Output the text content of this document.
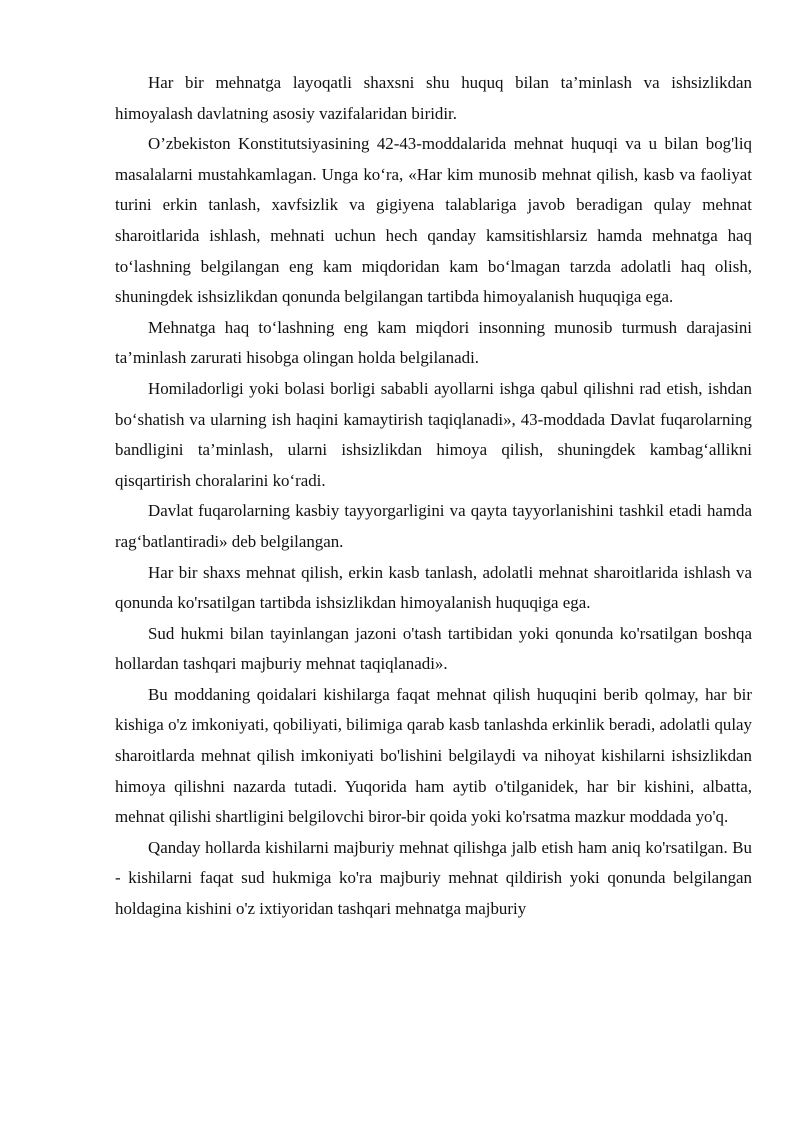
Har bir mehnatga layoqatli shaxsni shu huquq bilan ta’minlash va ishsizlikdan himoyalash davlatning asosiy vazifalaridan biridir.

O’zbekiston Konstitutsiyasining 42-43-moddalarida mehnat huquqi va u bilan bog'liq masalalarni mustahkamlagan. Unga ko‘ra, «Har kim munosib mehnat qilish, kasb va faoliyat turini erkin tanlash, xavfsizlik va gigiyena talablariga javob beradigan qulay mehnat sharoitlarida ishlash, mehnati uchun hech qanday kamsitishlarsiz hamda mehnatga haq to‘lashning belgilangan eng kam miqdoridan kam bo‘lmagan tarzda adolatli haq olish, shuningdek ishsizlikdan qonunda belgilangan tartibda himoyalanish huquqiga ega.

Mehnatga haq to‘lashning eng kam miqdori insonning munosib turmush darajasini ta’minlash zarurati hisobga olingan holda belgilanadi.

Homiladorligi yoki bolasi borligi sababli ayollarni ishga qabul qilishni rad etish, ishdan bo‘shatish va ularning ish haqini kamaytirish taqiqlanadi», 43-moddada Davlat fuqarolarning bandligini ta’minlash, ularni ishsizlikdan himoya qilish, shuningdek kambag‘allikni qisqartirish choralarini ko‘radi.

Davlat fuqarolarning kasbiy tayyorgarligini va qayta tayyorlanishini tashkil etadi hamda rag‘batlantiradi» deb belgilangan.

Har bir shaxs mehnat qilish, erkin kasb tanlash, adolatli mehnat sharoitlarida ishlash va qonunda ko'rsatilgan tartibda ishsizlikdan himoyalanish huquqiga ega.

Sud hukmi bilan tayinlangan jazoni o'tash tartibidan yoki qonunda ko'rsatilgan boshqa hollardan tashqari majburiy mehnat taqiqlanadi».

Bu moddaning qoidalari kishilarga faqat mehnat qilish huquqini berib qolmay, har bir kishiga o'z imkoniyati, qobiliyati, bilimiga qarab kasb tanlashda erkinlik beradi, adolatli qulay sharoitlarda mehnat qilish imkoniyati bo'lishini belgilaydi va nihoyat kishilarni ishsizlikdan himoya qilishni nazarda tutadi. Yuqorida ham aytib o'tilganidek, har bir kishini, albatta, mehnat qilishi shartligini belgilovchi biror-bir qoida yoki ko'rsatma mazkur moddada yo'q.

Qanday hollarda kishilarni majburiy mehnat qilishga jalb etish ham aniq ko'rsatilgan. Bu - kishilarni faqat sud hukmiga ko'ra majburiy mehnat qildirish yoki qonunda belgilangan holdagina kishini o'z ixtiyoridan tashqari mehnatga majburiy
